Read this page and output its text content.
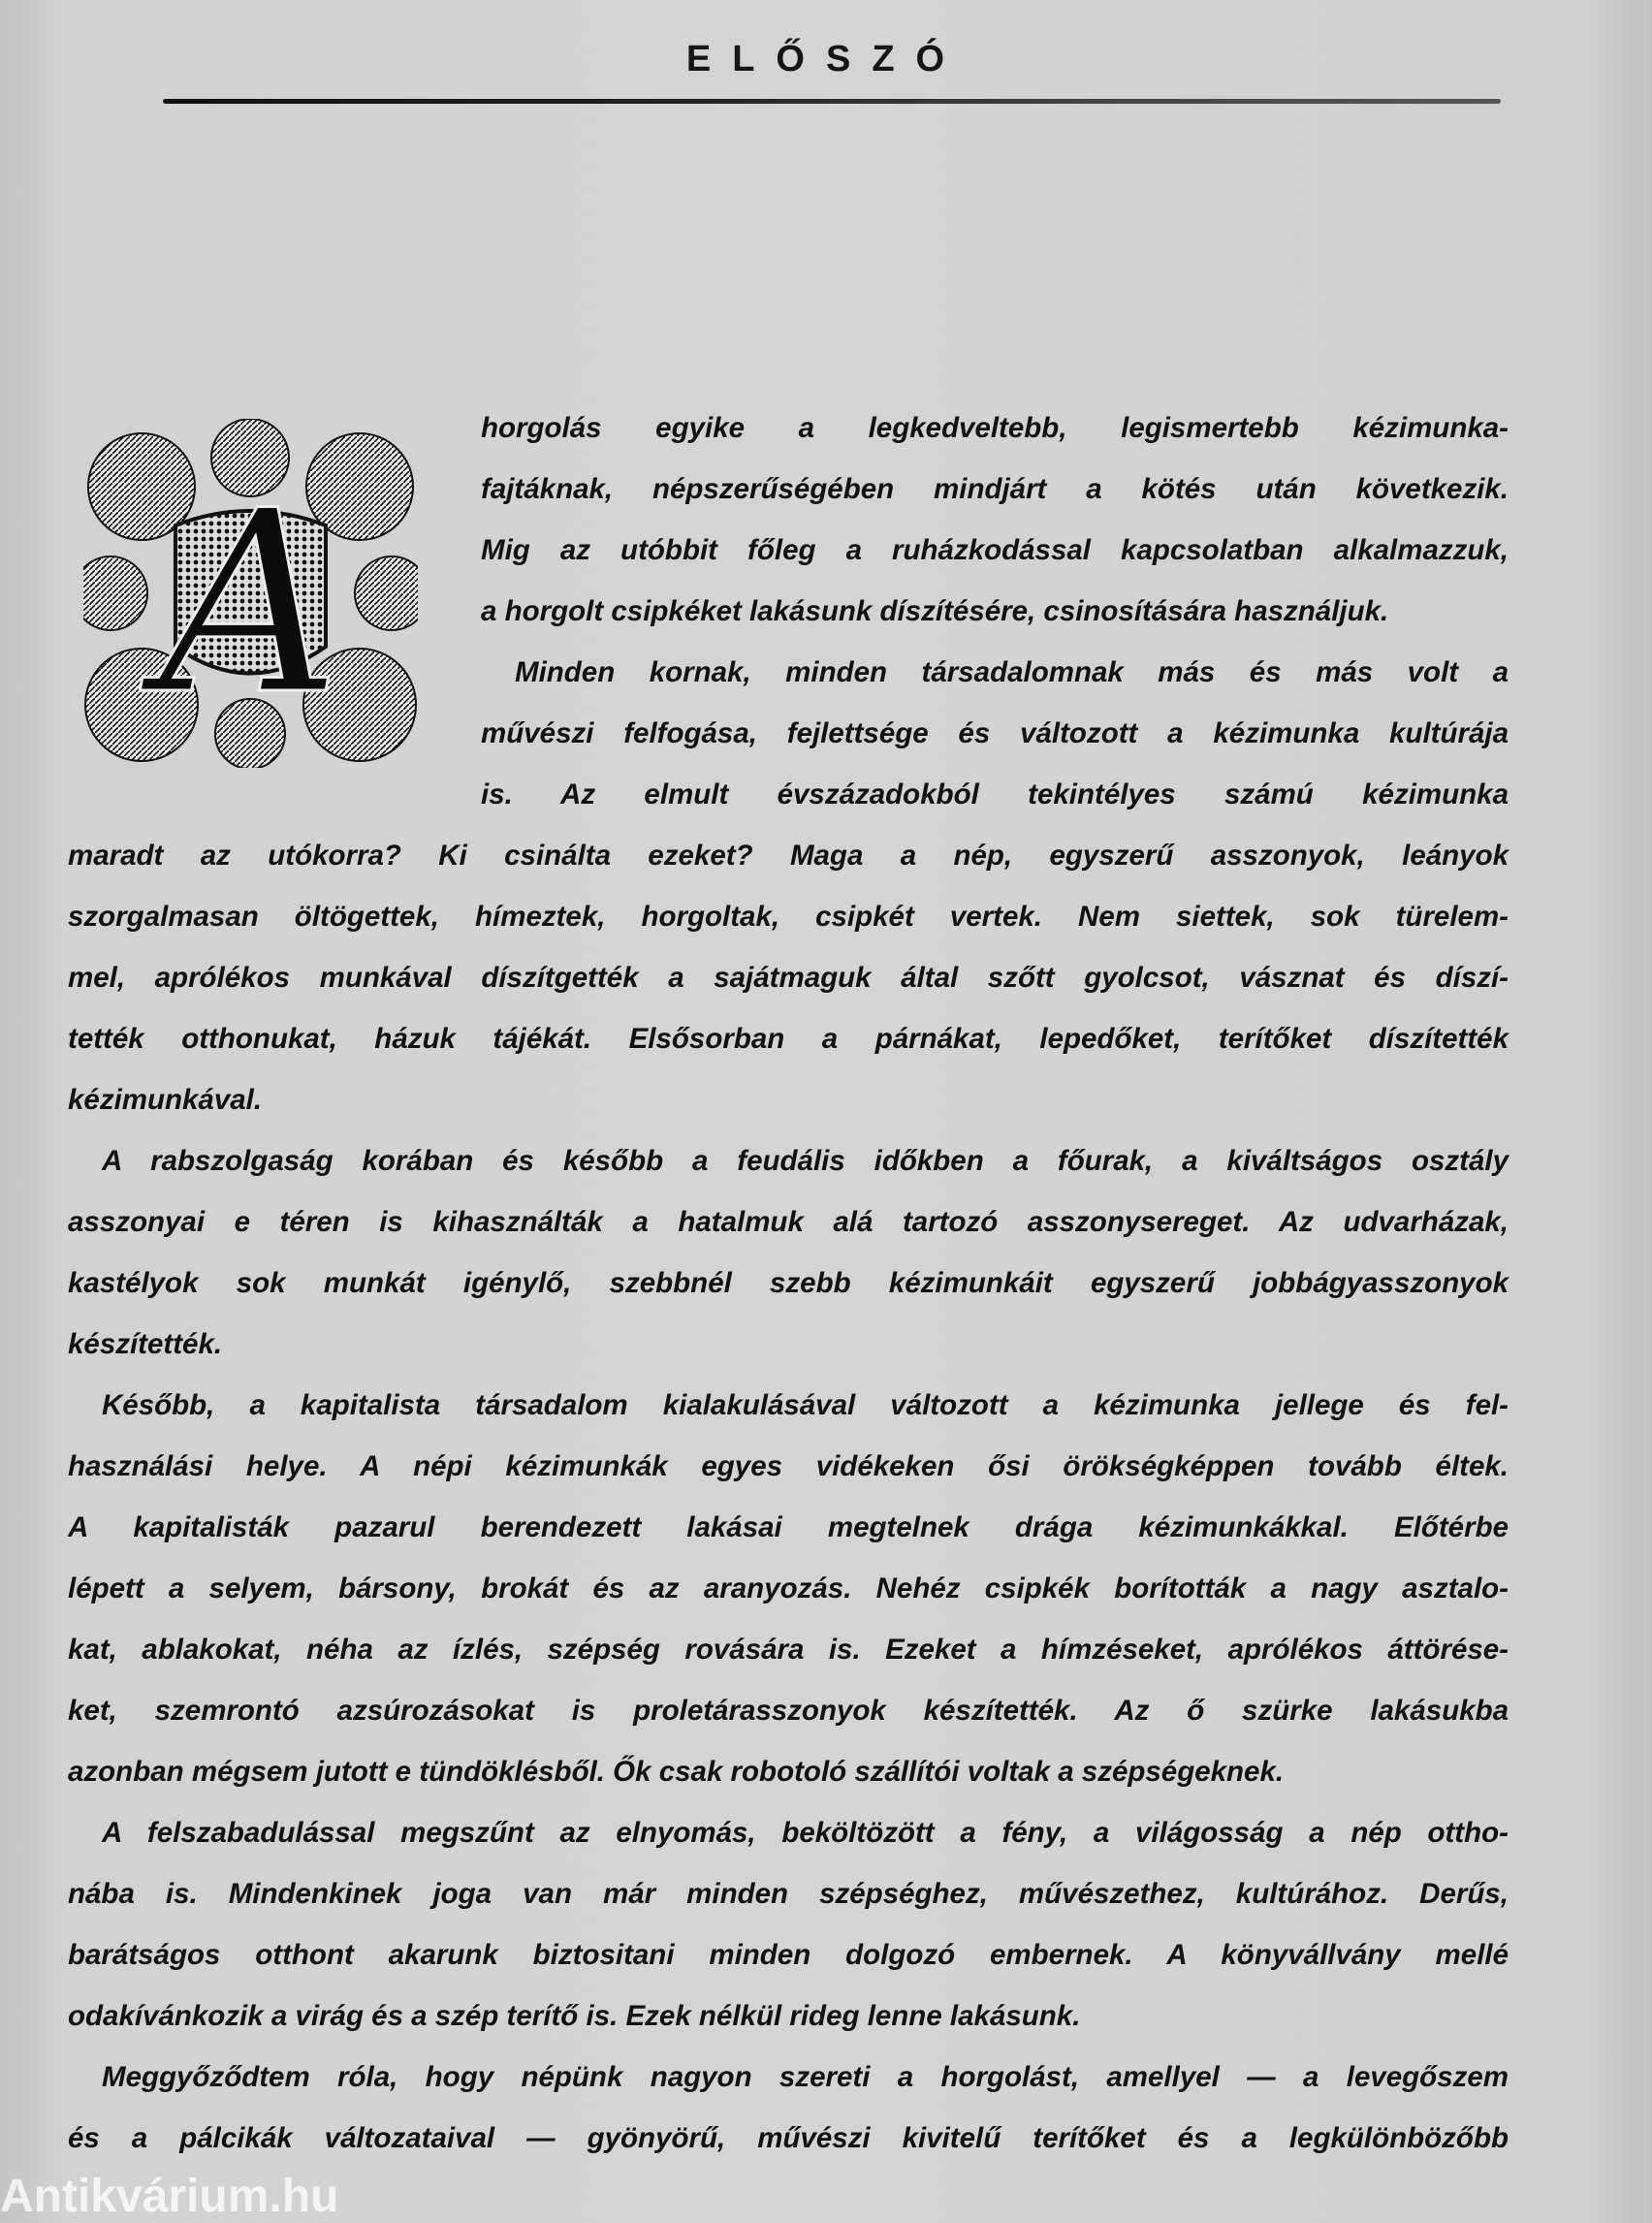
ELŐSZÓ
A
horgolás egyike a legkedveltebb, legismertebb kézimunka-
fajtáknak, népszerűségében mindjárt a kötés után következik.
Mig az utóbbit főleg a ruházkodással kapcsolatban alkalmazzuk,
a horgolt csipkéket lakásunk díszítésére, csinosítására használjuk.
Minden kornak, minden társadalomnak más és más volt a
művészi felfogása, fejlettsége és változott a kézimunka kultúrája
is. Az elmult évszázadokból tekintélyes számú kézimunka
maradt az utókorra? Ki csinálta ezeket? Maga a nép, egyszerű asszonyok, leányok
szorgalmasan öltögettek, hímeztek, horgoltak, csipkét vertek. Nem siettek, sok türelem-
mel, aprólékos munkával díszítgették a sajátmaguk által szőtt gyolcsot, vásznat és díszí-
tették otthonukat, házuk tájékát. Elsősorban a párnákat, lepedőket, terítőket díszítették
kézimunkával.
A rabszolgaság korában és később a feudális időkben a főurak, a kiváltságos osztály
asszonyai e téren is kihasználták a hatalmuk alá tartozó asszonysereget. Az udvarházak,
kastélyok sok munkát igénylő, szebbnél szebb kézimunkáit egyszerű jobbágyasszonyok
készítették.
Később, a kapitalista társadalom kialakulásával változott a kézimunka jellege és fel-
használási helye. A népi kézimunkák egyes vidékeken ősi örökségképpen tovább éltek.
A kapitalisták pazarul berendezett lakásai megtelnek drága kézimunkákkal. Előtérbe
lépett a selyem, bársony, brokát és az aranyozás. Nehéz csipkék borították a nagy asztalo-
kat, ablakokat, néha az ízlés, szépség rovására is. Ezeket a hímzéseket, aprólékos áttörése-
ket, szemrontó azsúrozásokat is proletárasszonyok készítették. Az ő szürke lakásukba
azonban mégsem jutott e tündöklésből. Ők csak robotoló szállítói voltak a szépségeknek.
A felszabadulással megszűnt az elnyomás, beköltözött a fény, a világosság a nép ottho-
nába is. Mindenkinek joga van már minden szépséghez, művészethez, kultúrához. Derűs,
barátságos otthont akarunk biztositani minden dolgozó embernek. A könyvállvány mellé
odakívánkozik a virág és a szép terítő is. Ezek nélkül rideg lenne lakásunk.
Meggyőződtem róla, hogy népünk nagyon szereti a horgolást, amellyel — a levegőszem
és a pálcikák változataival — gyönyörű, művészi kivitelű terítőket és a legkülönbözőbb
Antikvárium.hu
